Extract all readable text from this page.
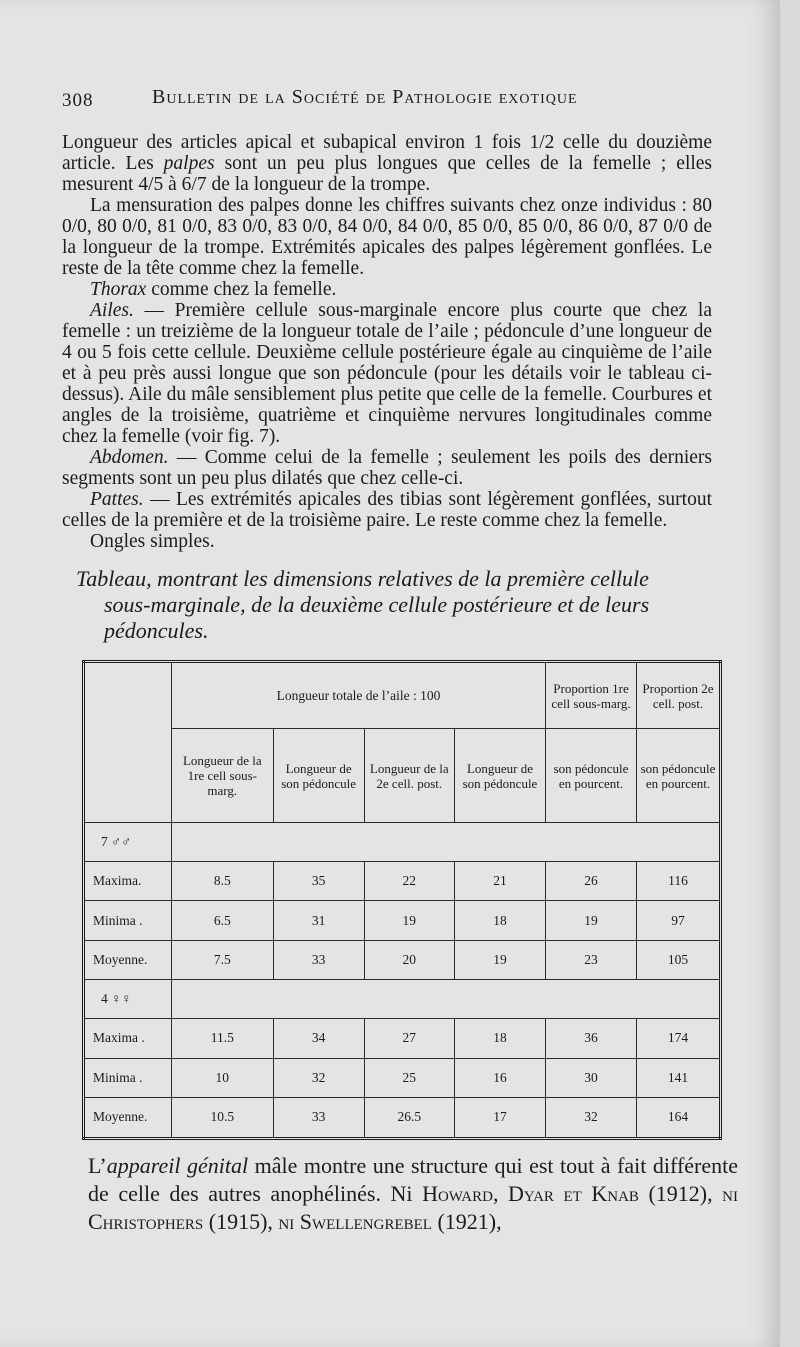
308	Bulletin de la Société de Pathologie exotique

Longueur des articles apical et subapical environ 1 fois 1/2 celle du douzième article. Les palpes sont un peu plus longues que celles de la femelle ; elles mesurent 4/5 à 6/7 de la longueur de la trompe.

La mensuration des palpes donne les chiffres suivants chez onze individus : 80 0/0, 80 0/0, 81 0/0, 83 0/0, 83 0/0, 84 0/0, 84 0/0, 85 0/0, 85 0/0, 86 0/0, 87 0/0 de la longueur de la trompe. Extrémités apicales des palpes légèrement gonflées. Le reste de la tête comme chez la femelle.

Thorax comme chez la femelle.

Ailes. — Première cellule sous-marginale encore plus courte que chez la femelle : un treizième de la longueur totale de l’aile ; pédoncule d’une longueur de 4 ou 5 fois cette cellule. Deuxième cellule postérieure égale au cinquième de l’aile et à peu près aussi longue que son pédoncule (pour les détails voir le tableau ci-dessus). Aile du mâle sensiblement plus petite que celle de la femelle. Courbures et angles de la troisième, quatrième et cinquième nervures longitudinales comme chez la femelle (voir fig. 7).

Abdomen. — Comme celui de la femelle ; seulement les poils des derniers segments sont un peu plus dilatés que chez celle-ci.

Pattes. — Les extrémités apicales des tibias sont légèrement gonflées, surtout celles de la première et de la troisième paire. Le reste comme chez la femelle.

Ongles simples.

Tableau, montrant les dimensions relatives de la première cellule
sous-marginale, de la deuxième cellule postérieure et de leurs
pédoncules.
	Longueur totale de l’aile : 100				Proportion 1re cell sous-marg.	Proportion 2e cell. post.
	Longueur de la 1re cell sous-marg.	Longueur de son pédoncule	Longueur de la 2e cell. post.	Longueur de son pédoncule	son pédoncule en pourcent.	son pédoncule en pourcent.
7 ♂♂						
Maxima.	8.5	35	22	21	26	116
Minima .	6.5	31	19	18	19	97
Moyenne.	7.5	33	20	19	23	105
4 ♀♀						
Maxima .	11.5	34	27	18	36	174
Minima .	10	32	25	16	30	141
Moyenne.	10.5	33	26.5	17	32	164
L’appareil génital mâle montre une structure qui est tout à fait différente de celle des autres anophélinés. Ni Howard, Dyar et Knab (1912), ni Christophers (1915), ni Swellengrebel (1921),
